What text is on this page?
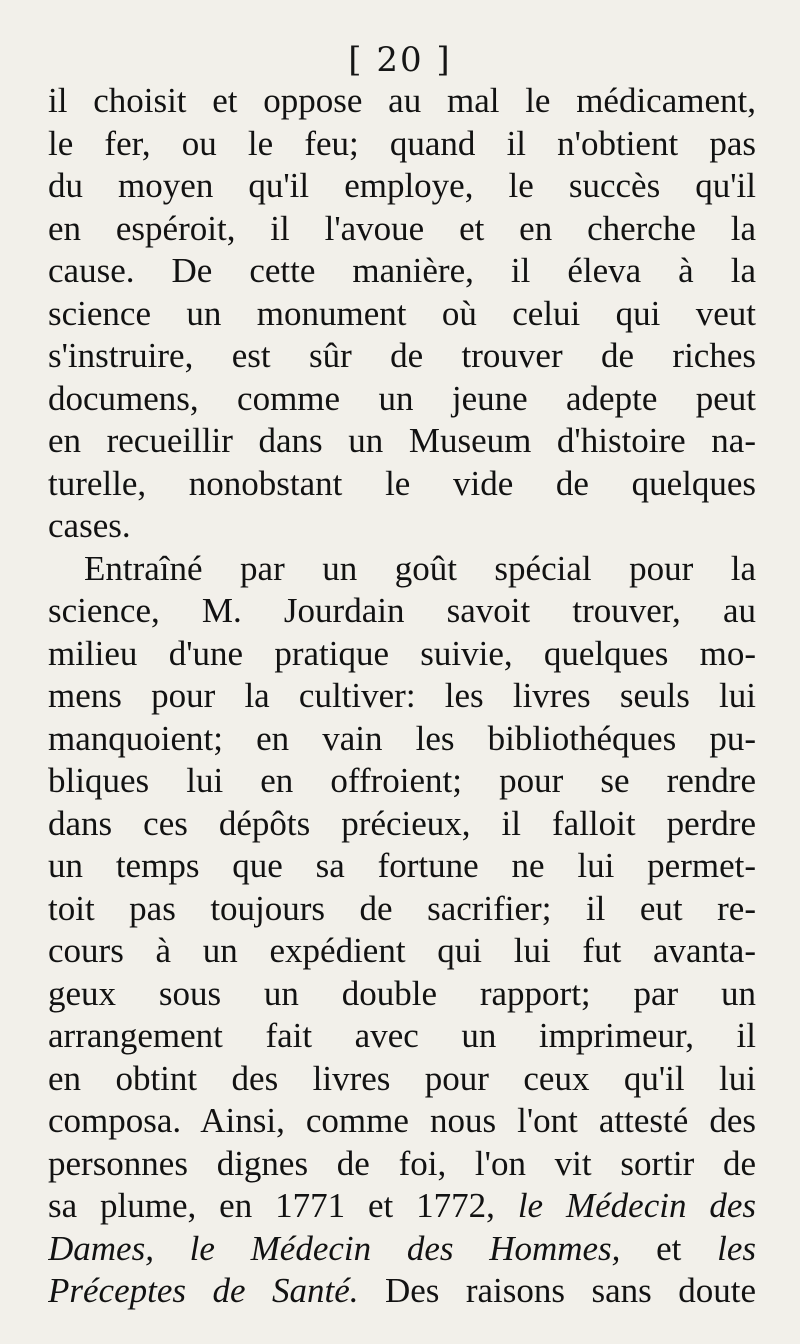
[ 20 ]
il choisit et oppose au mal le médicament,
le fer, ou le feu; quand il n'obtient pas
du moyen qu'il employe, le succès qu'il
en espéroit, il l'avoue et en cherche la
cause. De cette manière, il éleva à la
science un monument où celui qui veut
s'instruire, est sûr de trouver de riches
documens, comme un jeune adepte peut
en recueillir dans un Museum d'histoire na-
turelle, nonobstant le vide de quelques
cases.
Entraîné par un goût spécial pour la
science, M. Jourdain savoit trouver, au
milieu d'une pratique suivie, quelques mo-
mens pour la cultiver: les livres seuls lui
manquoient; en vain les bibliothéques pu-
bliques lui en offroient; pour se rendre
dans ces dépôts précieux, il falloit perdre
un temps que sa fortune ne lui permet-
toit pas toujours de sacrifier; il eut re-
cours à un expédient qui lui fut avanta-
geux sous un double rapport; par un
arrangement fait avec un imprimeur, il
en obtint des livres pour ceux qu'il lui
composa. Ainsi, comme nous l'ont attesté des
personnes dignes de foi, l'on vit sortir de
sa plume, en 1771 et 1772, le Médecin des
Dames, le Médecin des Hommes, et les
Préceptes de Santé. Des raisons sans doute
